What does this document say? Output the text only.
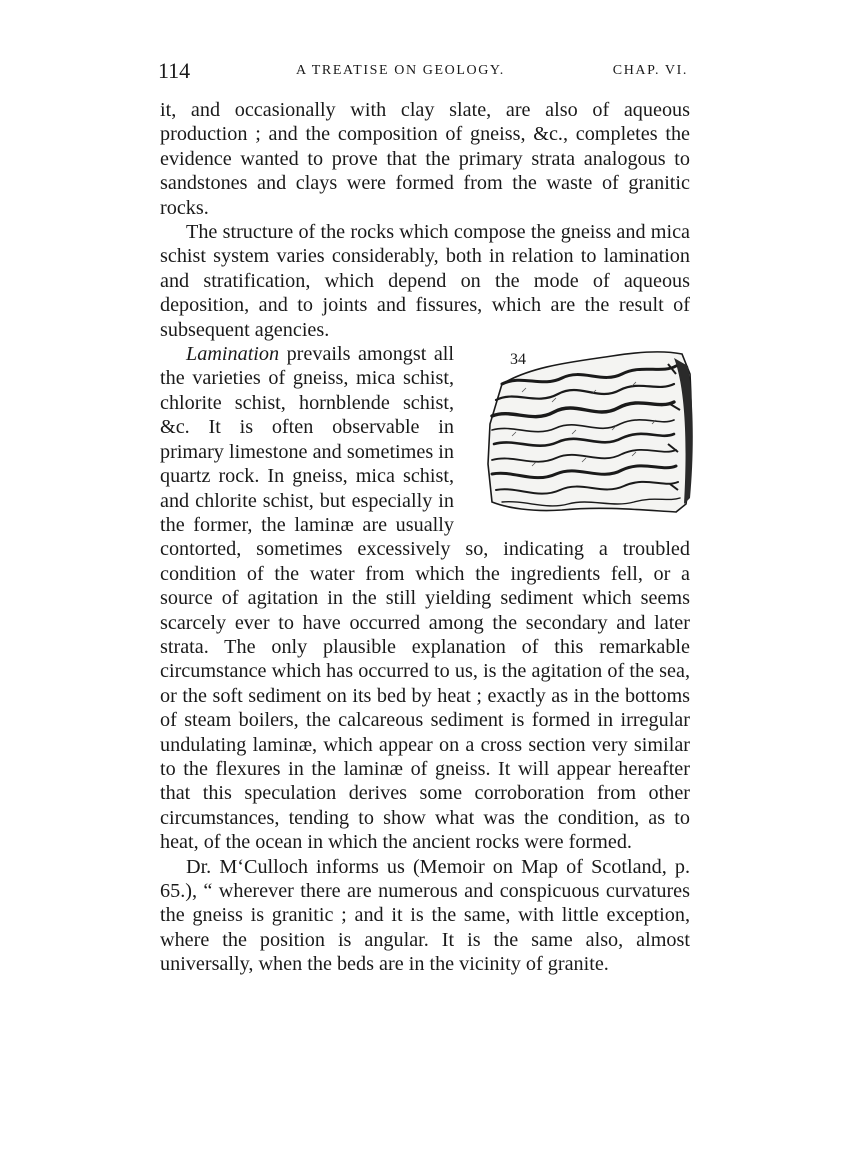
114	A TREATISE ON GEOLOGY.	CHAP. VI.

it, and occasionally with clay slate, are also of aqueous production ; and the composition of gneiss, &c., completes the evidence wanted to prove that the primary strata analogous to sandstones and clays were formed from the waste of granitic rocks.

The structure of the rocks which compose the gneiss and mica schist system varies considerably, both in relation to lamination and stratification, which depend on the mode of aqueous deposition, and to joints and fissures, which are the result of subsequent agencies.

34
Lamination prevails amongst all the varieties of gneiss, mica schist, chlorite schist, hornblende schist, &c. It is often observable in primary limestone and sometimes in quartz rock. In gneiss, mica schist, and chlorite schist, but especially in the former, the laminæ are usually contorted, sometimes excessively so, indicating a troubled condition of the water from which the ingredients fell, or a source of agitation in the still yielding sediment which seems scarcely ever to have occurred among the secondary and later strata. The only plausible explanation of this remarkable circumstance which has occurred to us, is the agitation of the sea, or the soft sediment on its bed by heat ; exactly as in the bottoms of steam boilers, the calcareous sediment is formed in irregular undulating laminæ, which appear on a cross section very similar to the flexures in the laminæ of gneiss. It will appear hereafter that this speculation derives some corroboration from other circumstances, tending to show what was the condition, as to heat, of the ocean in which the ancient rocks were formed.

Dr. M‘Culloch informs us (Memoir on Map of Scotland, p. 65.), “ wherever there are numerous and conspicuous curvatures the gneiss is granitic ; and it is the same, with little exception, where the position is angular. It is the same also, almost universally, when the beds are in the vicinity of granite.
